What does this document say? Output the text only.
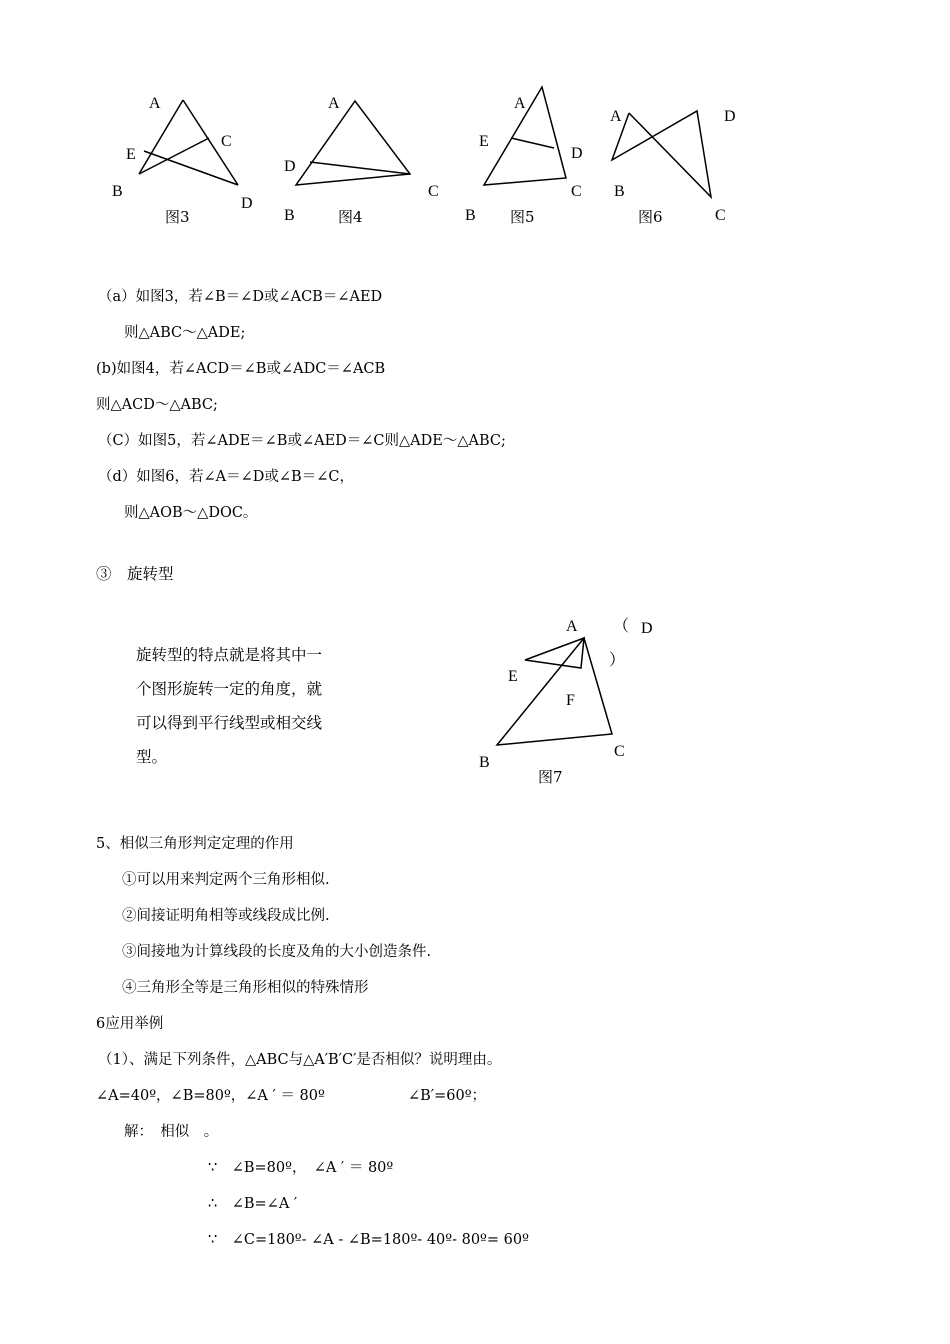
A
E
C
B
D
图3
A
D
C
B	图4
A
E
D
C
B 图5
A	D
B
C
图6
（a）如图3，若∠B＝∠D或∠ACB＝∠AED
则△ABC～△ADE;
(b)如图4，若∠ACD＝∠B或∠ADC＝∠ACB
则△ACD～△ABC;
（C）如图5，若∠ADE＝∠B或∠AED＝∠C则△ADE～△ABC;
（d）如图6，若∠A＝∠D或∠B＝∠C，
则△AOB～△DOC。
③　旋转型
旋转型的特点就是将其中一
个图形旋转一定的角度，就
可以得到平行线型或相交线
型。
A （ D
）
E
F
C
B
图7
5、相似三角形判定定理的作用
①可以用来判定两个三角形相似.
②间接证明角相等或线段成比例.
③间接地为计算线段的长度及角的大小创造条件.
④三角形全等是三角形相似的特殊情形
6应用举例
（1）、满足下列条件，△ABC与△A′B′C′是否相似？说明理由。
∠A=40º，∠B=80º，∠A ′ ＝ 80º	∠B′=60º；
解：　相似　。
∵　∠B=80º，　∠A ′ ＝ 80º
∴　∠B=∠A ′
∵　∠C=180º- ∠A - ∠B=180º- 40º- 80º= 60º
